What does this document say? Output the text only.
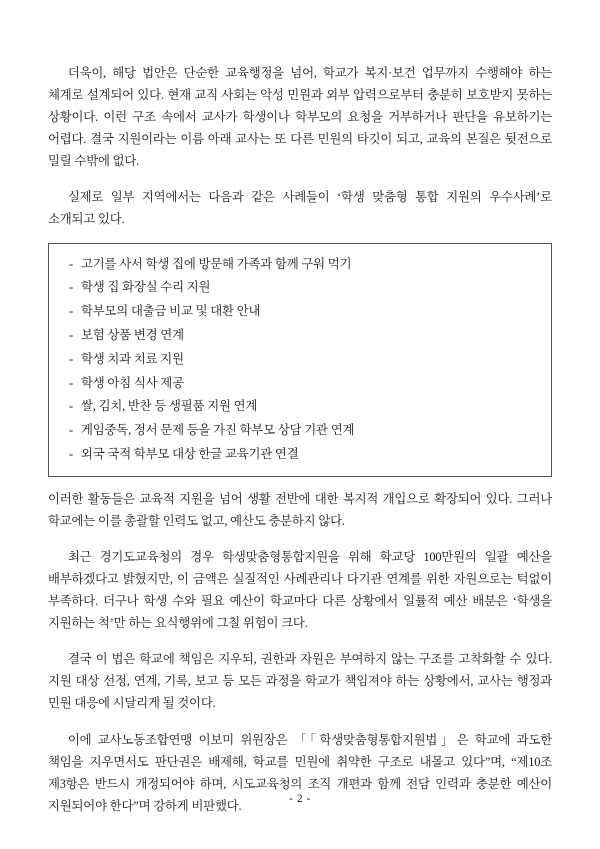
더욱이, 해당 법안은 단순한 교육행정을 넘어, 학교가 복지·보건 업무까지 수행해야 하는 체계로 설계되어 있다. 현재 교직 사회는 악성 민원과 외부 압력으로부터 충분히 보호받지 못하는 상황이다. 이런 구조 속에서 교사가 학생이나 학부모의 요청을 거부하거나 판단을 유보하기는 어렵다. 결국 지원이라는 이름 아래 교사는 또 다른 민원의 타깃이 되고, 교육의 본질은 뒷전으로 밀릴 수밖에 없다.

실제로 일부 지역에서는 다음과 같은 사례들이 ‘학생 맞춤형 통합 지원의 우수사례’로 소개되고 있다.

- 고기를 사서 학생 집에 방문해 가족과 함께 구워 먹기
- 학생 집 화장실 수리 지원
- 학부모의 대출금 비교 및 대환 안내
- 보험 상품 변경 연계
- 학생 치과 치료 지원
- 학생 아침 식사 제공
- 쌀, 김치, 반찬 등 생필품 지원 연계
- 게임중독, 정서 문제 등을 가진 학부모 상담 기관 연계
- 외국 국적 학부모 대상 한글 교육기관 연결

이러한 활동들은 교육적 지원을 넘어 생활 전반에 대한 복지적 개입으로 확장되어 있다. 그러나 학교에는 이를 총괄할 인력도 없고, 예산도 충분하지 않다.

최근 경기도교육청의 경우 학생맞춤형통합지원을 위해 학교당 100만원의 일괄 예산을 배부하겠다고 밝혔지만, 이 금액은 실질적인 사례관리나 다기관 연계를 위한 자원으로는 턱없이 부족하다. 더구나 학생 수와 필요 예산이 학교마다 다른 상황에서 일률적 예산 배분은 ‘학생을 지원하는 척’만 하는 요식행위에 그칠 위험이 크다.

결국 이 법은 학교에 책임은 지우되, 권한과 자원은 부여하지 않는 구조를 고착화할 수 있다. 지원 대상 선정, 연계, 기록, 보고 등 모든 과정을 학교가 책임져야 하는 상황에서, 교사는 행정과 민원 대응에 시달리게 될 것이다.

이에 교사노동조합연맹 이보미 위원장은 「「학생맞춤형통합지원법」은 학교에 과도한 책임을 지우면서도 판단권은 배제해, 학교를 민원에 취약한 구조로 내몰고 있다”며, “제10조 제3항은 반드시 개정되어야 하며, 시도교육청의 조직 개편과 함께 전담 인력과 충분한 예산이 지원되어야 한다”며 강하게 비판했다.	- 2 -
